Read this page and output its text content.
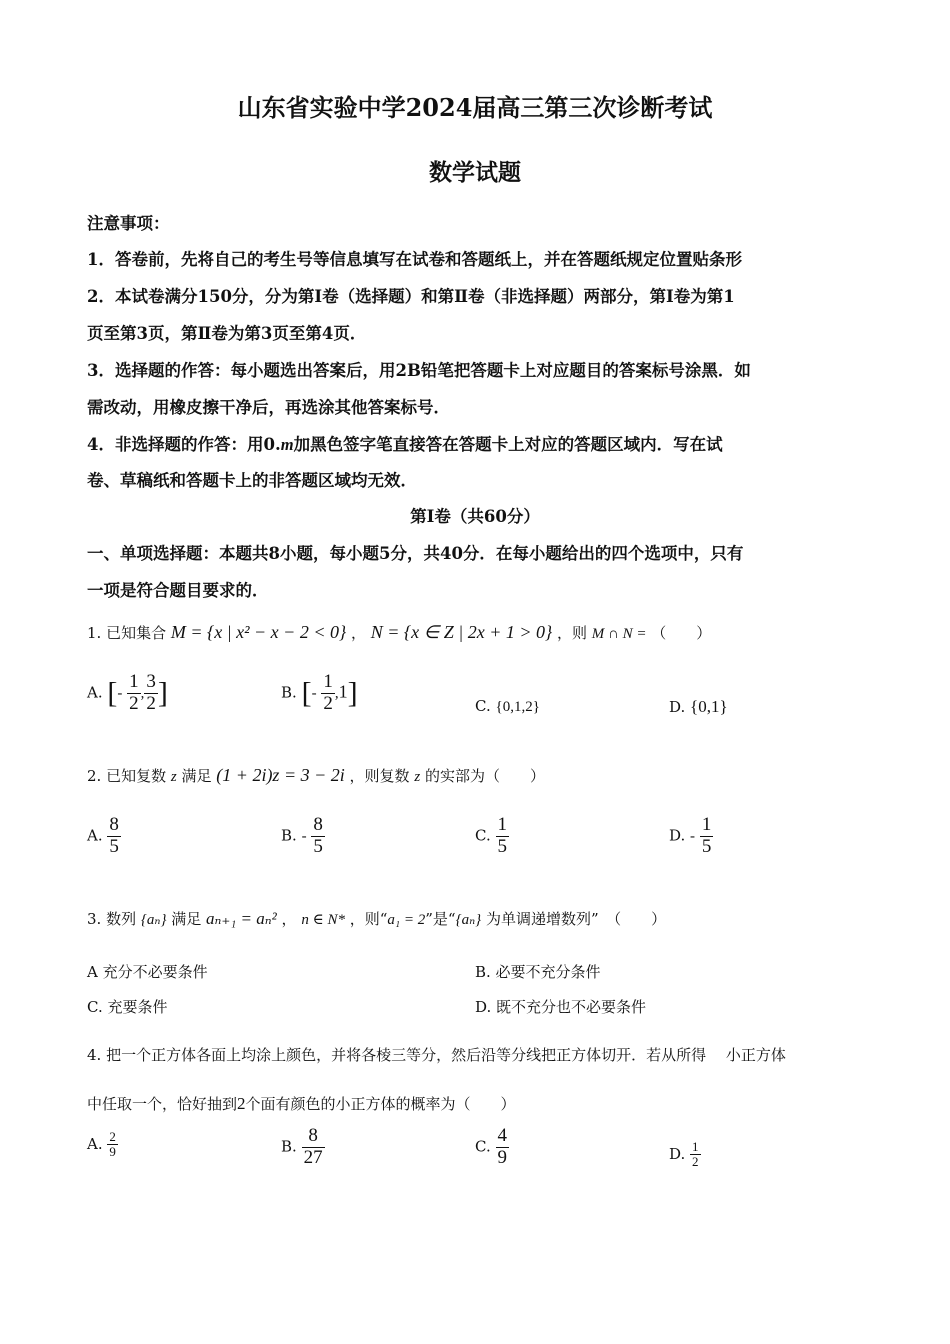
山东省实验中学2024届高三第三次诊断考试
数学试题
注意事项：
1．答卷前，先将自己的考生号等信息填写在试卷和答题纸上，并在答题纸规定位置贴条形
2．本试卷满分150分，分为第Ⅰ卷（选择题）和第Ⅱ卷（非选择题）两部分，第Ⅰ卷为第1
页至第3页，第Ⅱ卷为第3页至第4页．
3．选择题的作答：每小题选出答案后，用2B铅笔把答题卡上对应题目的答案标号涂黑．如
需改动，用橡皮擦干净后，再选涂其他答案标号．
4．非选择题的作答：用0.m加黑色签字笔直接答在答题卡上对应的答题区域内．写在试
卷、草稿纸和答题卡上的非答题区域均无效．
第Ⅰ卷（共60分）
一、单项选择题：本题共8小题，每小题5分，共40分．在每小题给出的四个选项中，只有
一项是符合题目要求的．
1. 已知集合 M = {x | x² − x − 2 < 0} ， N = {x ∈ Z | 2x + 1 > 0} ，则 M ∩ N = （　　）
A. [- $\frac{1}{2}$ , $\frac{3}{2}$ ]	B. [- $\frac{1}{2} ,1$]	C. {0,1,2}	D. {0,1}
2. 已知复数 z 满足 (1 + 2i)z = 3 − 2i ，则复数 z 的实部为（　　）
A. $\frac{8}{5}$	B. - $\frac{8}{5}$	C. $\frac{1}{5}$	D. - $\frac{1}{5}$
3. 数列 {aₙ} 满足 aₙ₊₁ = aₙ² ， n ∈ N* ，则“a₁ = 2”是“{aₙ} 为单调递增数列”　（　　）
A 充分不必要条件	B. 必要不充分条件
C. 充要条件	D. 既不充分也不必要条件
4. 把一个正方体各面上均涂上颜色，并将各棱三等分，然后沿等分线把正方体切开．若从所得　 小正方体
中任取一个，恰好抽到2个面有颜色的小正方体的概率为（　　）
A. $\frac{2}{9}$	B. $\frac{8}{27}$	C. $\frac{4}{9}$	D. $\frac{1}{2}$
